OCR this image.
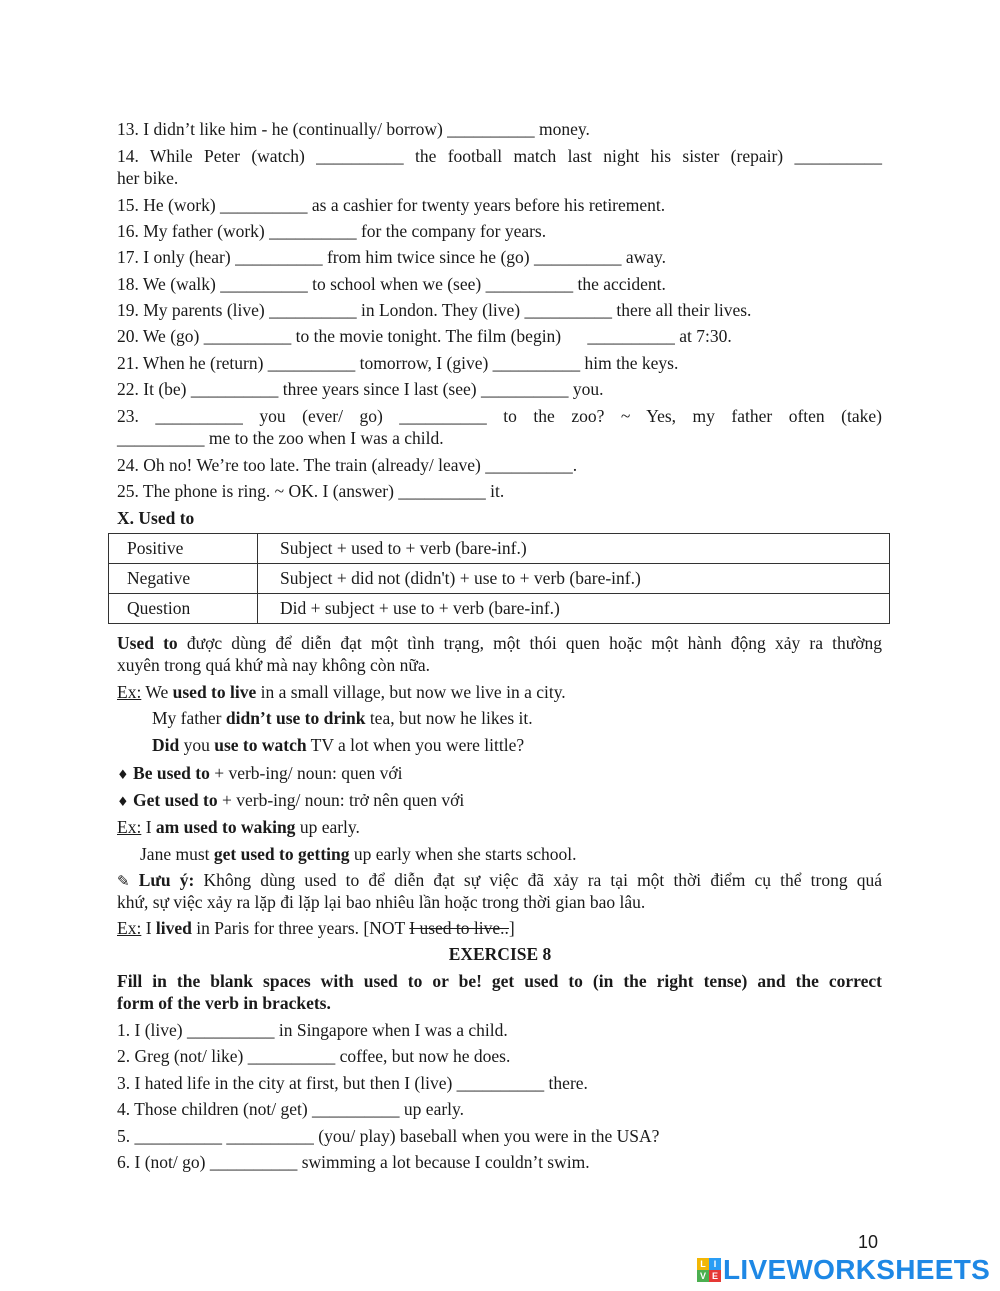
13. I didn’t like him - he (continually/ borrow) __________ money.
14. While Peter (watch) __________ the football match last night his sister (repair) __________
her bike.
15. He (work) __________ as a cashier for twenty years before his retirement.
16. My father (work) __________ for the company for years.
17. I only (hear) __________ from him twice since he (go) __________ away.
18. We (walk) __________ to school when we (see) __________ the accident.
19. My parents (live) __________ in London. They (live) __________ there all their lives.
20. We (go) __________ to the movie tonight. The film (begin)      __________ at 7:30.
21. When he (return) __________ tomorrow, I (give) __________ him the keys.
22. It (be) __________ three years since I last (see) __________ you.
23. __________ you (ever/ go) __________ to the zoo? ~ Yes, my father often (take)
__________ me to the zoo when I was a child.
24. Oh no! We’re too late. The train (already/ leave) __________.
25. The phone is ring. ~ OK. I (answer) __________ it.
X. Used to
Positive	Subject + used to + verb (bare-inf.)
Negative	Subject + did not (didn't) + use to + verb (bare-inf.)
Question	Did + subject + use to + verb (bare-inf.)
Used to được dùng để diễn đạt một tình trạng, một thói quen hoặc một hành động xảy ra thường
xuyên trong quá khứ mà nay không còn nữa.
Ex: We used to live in a small village, but now we live in a city.
My father didn’t use to drink tea, but now he likes it.
Did you use to watch TV a lot when you were little?
♦ Be used to + verb-ing/ noun: quen với
♦ Get used to + verb-ing/ noun: trở nên quen với
Ex: I am used to waking up early.
Jane must get used to getting up early when she starts school.
✎ Lưu ý: Không dùng used to để diễn đạt sự việc đã xảy ra tại một thời điểm cụ thể trong quá
khứ, sự việc xảy ra lặp đi lặp lại bao nhiêu lần hoặc trong thời gian bao lâu.
Ex: I lived in Paris for three years. [NOT I used to live..]
EXERCISE 8
Fill in the blank spaces with used to or be! get used to (in the right tense) and the correct
form of the verb in brackets.
1. I (live) __________ in Singapore when I was a child.
2. Greg (not/ like) __________ coffee, but now he does.
3. I hated life in the city at first, but then I (live) __________ there.
4. Those children (not/ get) __________ up early.
5. __________ __________ (you/ play) baseball when you were in the USA?
6. I (not/ go) __________ swimming a lot because I couldn’t swim.
10
L I
V E LIVEWORKSHEETS
